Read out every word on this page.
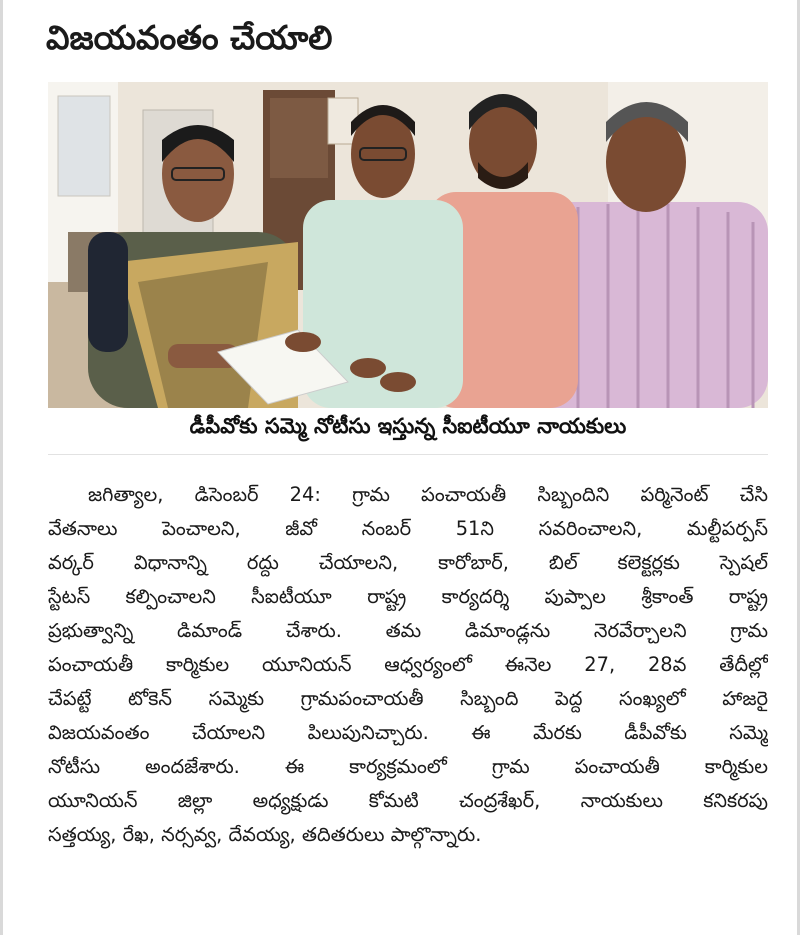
విజయవంతం చేయాలి
డీపీవోకు సమ్మె నోటీసు ఇస్తున్న సీఐటీయూ నాయకులు
జగిత్యాల, డిసెంబర్ 24: గ్రామ పంచాయతీ సిబ్బందిని పర్మినెంట్ చేసి
వేతనాలు పెంచాలని, జీవో నంబర్ 51ని సవరించాలని, మల్టీపర్పస్
వర్కర్ విధానాన్ని రద్దు చేయాలని, కారోబార్, బిల్ కలెక్టర్లకు స్పెషల్
స్టేటస్ కల్పించాలని సీఐటీయూ రాష్ట్ర కార్యదర్శి పుప్పాల శ్రీకాంత్ రాష్ట్ర
ప్రభుత్వాన్ని డిమాండ్ చేశారు. తమ డిమాండ్లను నెరవేర్చాలని గ్రామ
పంచాయతీ కార్మికుల యూనియన్ ఆధ్వర్యంలో ఈనెల 27, 28వ తేదీల్లో
చేపట్టే టోకెన్ సమ్మెకు గ్రామపంచాయతీ సిబ్బంది పెద్ద సంఖ్యలో హాజరై
విజయవంతం చేయాలని పిలుపునిచ్చారు. ఈ మేరకు డీపీవోకు సమ్మె
నోటీసు అందజేశారు. ఈ కార్యక్రమంలో గ్రామ పంచాయతీ కార్మికుల
యూనియన్ జిల్లా అధ్యక్షుడు కోమటి చంద్రశేఖర్, నాయకులు కనికరపు
సత్తయ్య, రేఖ, నర్సవ్వ, దేవయ్య, తదితరులు పాల్గొన్నారు.
